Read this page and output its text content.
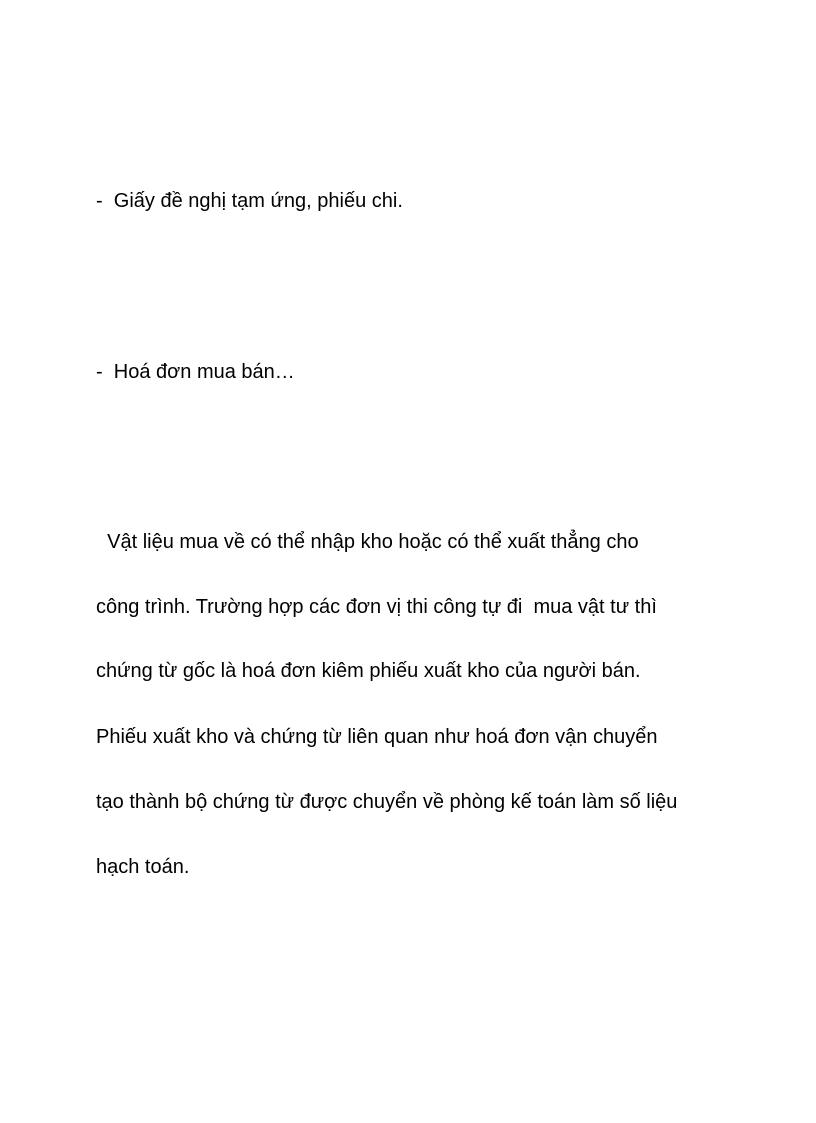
-  Giấy đề nghị tạm ứng, phiếu chi.
-  Hoá đơn mua bán…
Vật liệu mua về có thể nhập kho hoặc có thể xuất thẳng cho
công trình. Trường hợp các đơn vị thi công tự đi  mua vật tư thì
chứng từ gốc là hoá đơn kiêm phiếu xuất kho của người bán.
Phiếu xuất kho và chứng từ liên quan như hoá đơn vận chuyển
tạo thành bộ chứng từ được chuyển về phòng kế toán làm số liệu
hạch toán.
